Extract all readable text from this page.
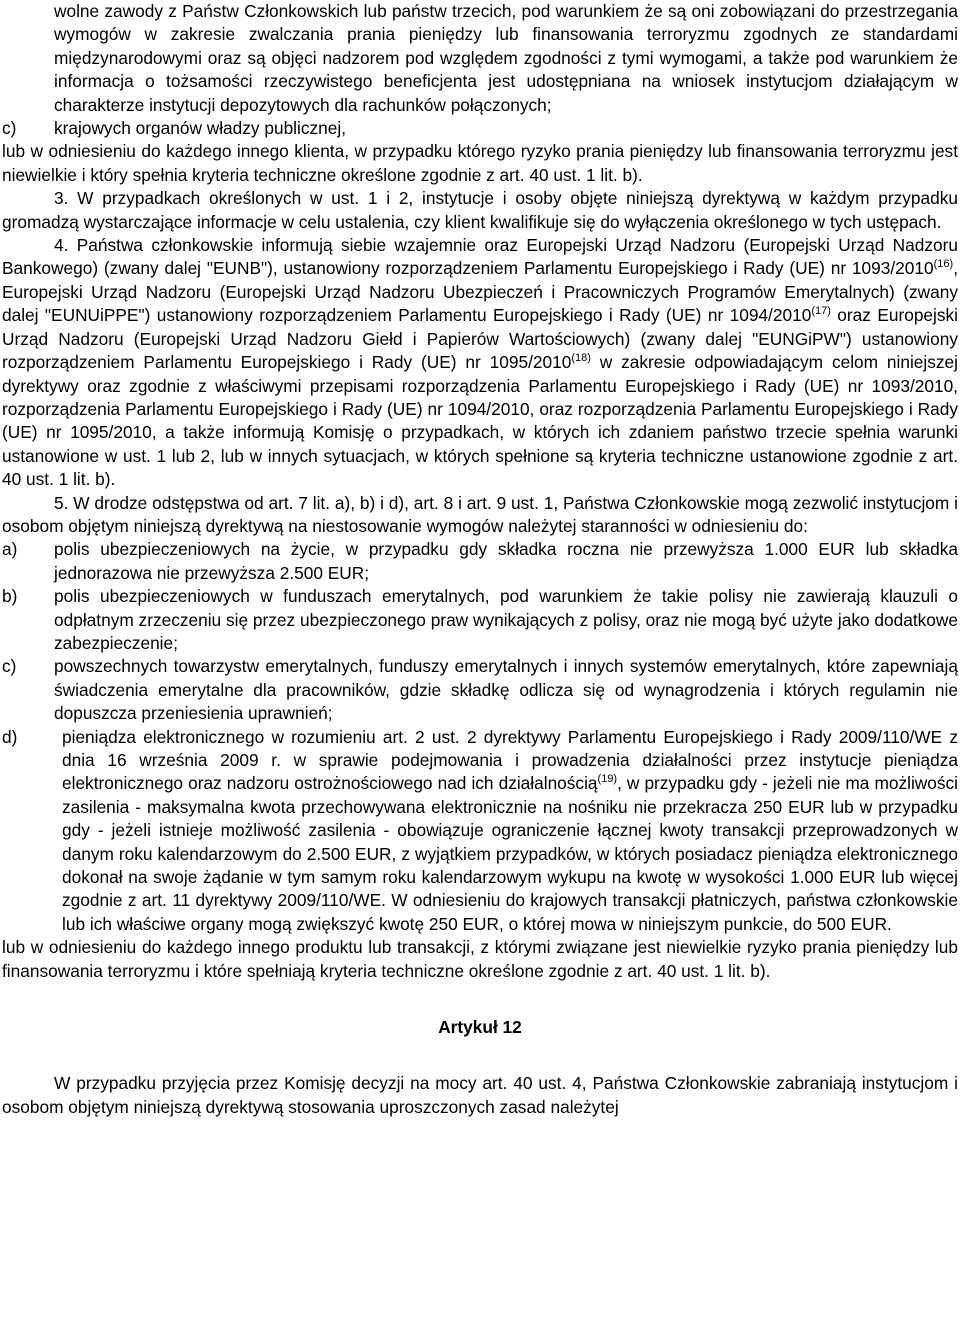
wolne zawody z Państw Członkowskich lub państw trzecich, pod warunkiem że są oni zobowiązani do przestrzegania wymogów w zakresie zwalczania prania pieniędzy lub finansowania terroryzmu zgodnych ze standardami międzynarodowymi oraz są objęci nadzorem pod względem zgodności z tymi wymogami, a także pod warunkiem że informacja o tożsamości rzeczywistego beneficjenta jest udostępniana na wniosek instytucjom działającym w charakterze instytucji depozytowych dla rachunków połączonych;

c)	krajowych organów władzy publicznej,

lub w odniesieniu do każdego innego klienta, w przypadku którego ryzyko prania pieniędzy lub finansowania terroryzmu jest niewielkie i który spełnia kryteria techniczne określone zgodnie z art. 40 ust. 1 lit. b).

3. W przypadkach określonych w ust. 1 i 2, instytucje i osoby objęte niniejszą dyrektywą w każdym przypadku gromadzą wystarczające informacje w celu ustalenia, czy klient kwalifikuje się do wyłączenia określonego w tych ustępach.

4. Państwa członkowskie informują siebie wzajemnie oraz Europejski Urząd Nadzoru (Europejski Urząd Nadzoru Bankowego) (zwany dalej "EUNB"), ustanowiony rozporządzeniem Parlamentu Europejskiego i Rady (UE) nr 1093/2010$^{(16)}$, Europejski Urząd Nadzoru (Europejski Urząd Nadzoru Ubezpieczeń i Pracowniczych Programów Emerytalnych) (zwany dalej "EUNUiPPE") ustanowiony rozporządzeniem Parlamentu Europejskiego i Rady (UE) nr 1094/2010$^{(17)}$ oraz Europejski Urząd Nadzoru (Europejski Urząd Nadzoru Giełd i Papierów Wartościowych) (zwany dalej "EUNGiPW") ustanowiony rozporządzeniem Parlamentu Europejskiego i Rady (UE) nr 1095/2010$^{(18)}$ w zakresie odpowiadającym celom niniejszej dyrektywy oraz zgodnie z właściwymi przepisami rozporządzenia Parlamentu Europejskiego i Rady (UE) nr 1093/2010, rozporządzenia Parlamentu Europejskiego i Rady (UE) nr 1094/2010, oraz rozporządzenia Parlamentu Europejskiego i Rady (UE) nr 1095/2010, a także informują Komisję o przypadkach, w których ich zdaniem państwo trzecie spełnia warunki ustanowione w ust. 1 lub 2, lub w innych sytuacjach, w których spełnione są kryteria techniczne ustanowione zgodnie z art. 40 ust. 1 lit. b).

5. W drodze odstępstwa od art. 7 lit. a), b) i d), art. 8 i art. 9 ust. 1, Państwa Członkowskie mogą zezwolić instytucjom i osobom objętym niniejszą dyrektywą na niestosowanie wymogów należytej staranności w odniesieniu do:

a)	polis ubezpieczeniowych na życie, w przypadku gdy składka roczna nie przewyższa 1.000 EUR lub składka jednorazowa nie przewyższa 2.500 EUR;
b)	polis ubezpieczeniowych w funduszach emerytalnych, pod warunkiem że takie polisy nie zawierają klauzuli o odpłatnym zrzeczeniu się przez ubezpieczonego praw wynikających z polisy, oraz nie mogą być użyte jako dodatkowe zabezpieczenie;
c)	powszechnych towarzystw emerytalnych, funduszy emerytalnych i innych systemów emerytalnych, które zapewniają świadczenia emerytalne dla pracowników, gdzie składkę odlicza się od wynagrodzenia i których regulamin nie dopuszcza przeniesienia uprawnień;
d)	pieniądza elektronicznego w rozumieniu art. 2 ust. 2 dyrektywy Parlamentu Europejskiego i Rady 2009/110/WE z dnia 16 września 2009 r. w sprawie podejmowania i prowadzenia działalności przez instytucje pieniądza elektronicznego oraz nadzoru ostrożnościowego nad ich działalnością$^{(19)}$, w przypadku gdy - jeżeli nie ma możliwości zasilenia - maksymalna kwota przechowywana elektronicznie na nośniku nie przekracza 250 EUR lub w przypadku gdy - jeżeli istnieje możliwość zasilenia - obowiązuje ograniczenie łącznej kwoty transakcji przeprowadzonych w danym roku kalendarzowym do 2.500 EUR, z wyjątkiem przypadków, w których posiadacz pieniądza elektronicznego dokonał na swoje żądanie w tym samym roku kalendarzowym wykupu na kwotę w wysokości 1.000 EUR lub więcej zgodnie z art. 11 dyrektywy 2009/110/WE. W odniesieniu do krajowych transakcji płatniczych, państwa członkowskie lub ich właściwe organy mogą zwiększyć kwotę 250 EUR, o której mowa w niniejszym punkcie, do 500 EUR.

lub w odniesieniu do każdego innego produktu lub transakcji, z którymi związane jest niewielkie ryzyko prania pieniędzy lub finansowania terroryzmu i które spełniają kryteria techniczne określone zgodnie z art. 40 ust. 1 lit. b).

Artykuł 12

W przypadku przyjęcia przez Komisję decyzji na mocy art. 40 ust. 4, Państwa Członkowskie zabraniają instytucjom i osobom objętym niniejszą dyrektywą stosowania uproszczonych zasad należytej
